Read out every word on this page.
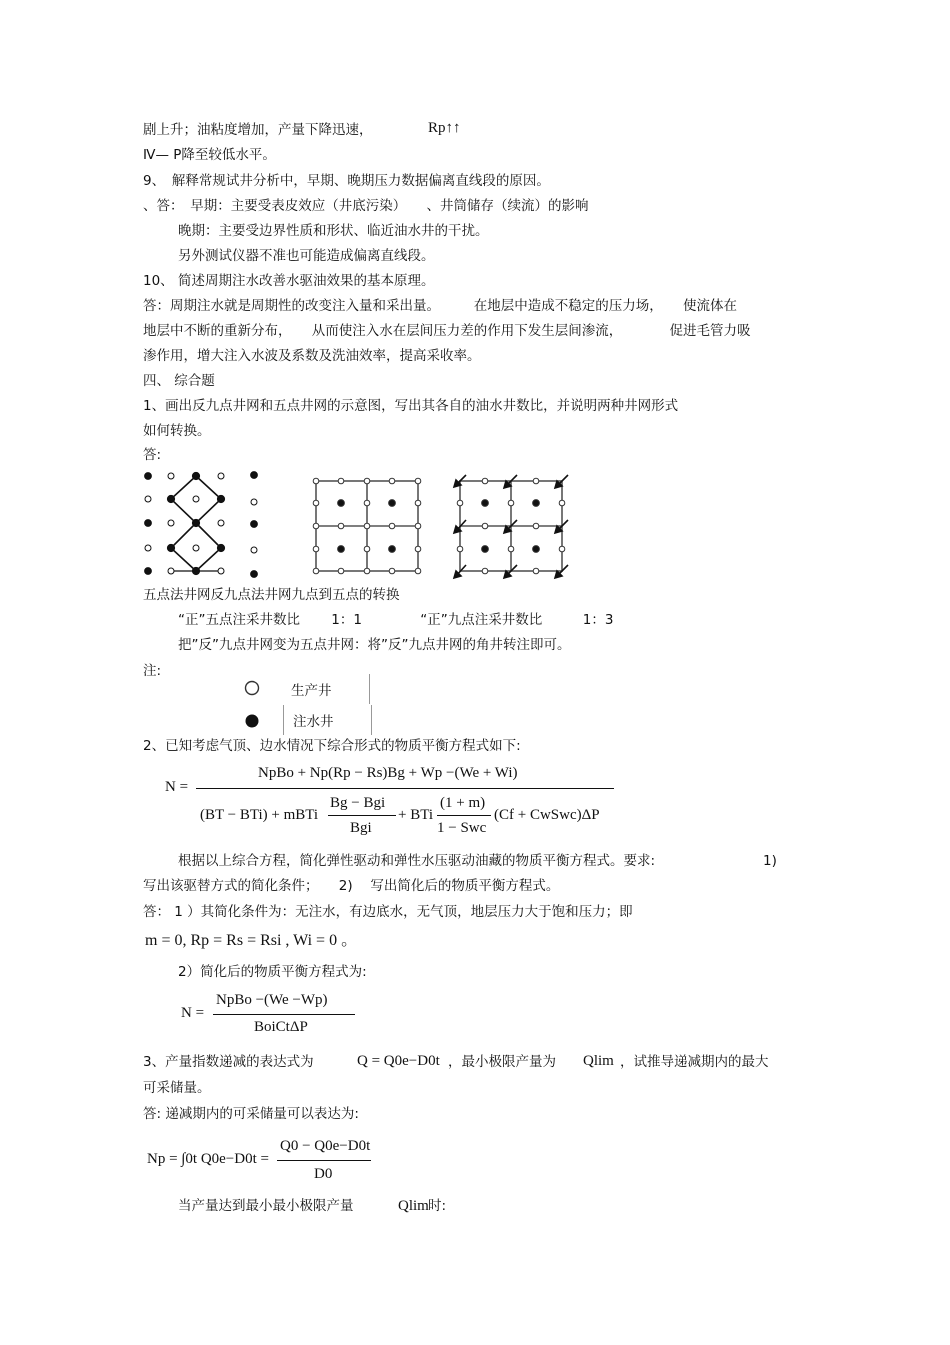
剧上升；油粘度增加，产量下降迅速，	Rp↑↑
Ⅳ— P降至较低水平。
9、　解释常规试井分析中，早期、晚期压力数据偏离直线段的原因。
、答：　早期：主要受表皮效应（井底污染）　　、井筒储存（续流）的影响
晚期：主要受边界性质和形状、临近油水井的干扰。
另外测试仪器不准也可能造成偏离直线段。
10、 简述周期注水改善水驱油效果的基本原理。
答：周期注水就是周期性的改变注入量和采出量。　　　在地层中造成不稳定的压力场，　　使流体在
地层中不断的重新分布，　　从而使注入水在层间压力差的作用下发生层间渗流，　　　　促进毛管力吸
渗作用，增大注入水波及系数及洗油效率，提高采收率。
四、 综合题
1、画出反九点井网和五点井网的示意图，写出其各自的油水井数比，并说明两种井网形式
如何转换。
答:
五点法井网反九点法井网九点到五点的转换
“正”五点注采井数比　　 1：1　　　　 “正”九点注采井数比　　　1：3
把”反”九点井网变为五点井网：将”反”九点井网的角井转注即可。
注:
生产井
注水井
2、已知考虑气顶、边水情况下综合形式的物质平衡方程式如下:
N =
NpBo + Np(Rp − Rs)Bg + Wp −(We + Wi)
(BT − BTi) + mBTi
Bg − Bgi
Bgi
+ BTi
(1 + m)
1 − Swc
(Cf + CwSwc)ΔP
根据以上综合方程，简化弹性驱动和弹性水压驱动油藏的物质平衡方程式。要求:　　　　　　　　1)
写出该驱替方式的简化条件；　　2)　 写出简化后的物质平衡方程式。
答： 1 ）其简化条件为：无注水，有边底水，无气顶，地层压力大于饱和压力；即
m = 0, Rp = Rs = Rsi , Wi = 0 。
2）简化后的物质平衡方程式为:
N =
NpBo −(We −Wp)
BoiCtΔP
3、产量指数递减的表达式为	Q = Q0e−D0t ，最小极限产量为 Qlim ，试推导递减期内的最大
可采储量。
答: 递减期内的可采储量可以表达为:
Np = ∫0t Q0e−D0t =
Q0 − Q0e−D0t
D0
当产量达到最小最小极限产量	Qlim 时:
